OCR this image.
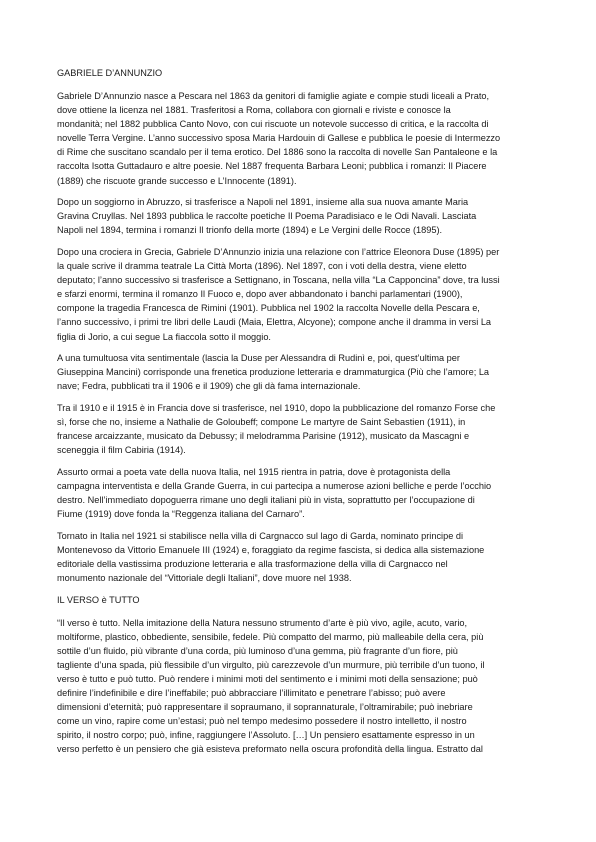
GABRIELE D’ANNUNZIO
Gabriele D’Annunzio nasce a Pescara nel 1863 da genitori di famiglie agiate e compie studi liceali a Prato,
dove ottiene la licenza nel 1881. Trasferitosi a Roma, collabora con giornali e riviste e conosce la
mondanità; nel 1882 pubblica Canto Novo, con cui riscuote un notevole successo di critica, e la raccolta di
novelle Terra Vergine. L’anno successivo sposa Maria Hardouin di Gallese e pubblica le poesie di Intermezzo
di Rime che suscitano scandalo per il tema erotico. Del 1886 sono la raccolta di novelle San Pantaleone e la
raccolta Isotta Guttadauro e altre poesie. Nel 1887 frequenta Barbara Leoni; pubblica i romanzi: Il Piacere
(1889) che riscuote grande successo e L’Innocente (1891).
Dopo un soggiorno in Abruzzo, si trasferisce a Napoli nel 1891, insieme alla sua nuova amante Maria
Gravina Cruyllas. Nel 1893 pubblica le raccolte poetiche Il Poema Paradisiaco e le Odi Navali. Lasciata
Napoli nel 1894, termina i romanzi Il trionfo della morte (1894) e Le Vergini delle Rocce (1895).
Dopo una crociera in Grecia, Gabriele D’Annunzio inizia una relazione con l’attrice Eleonora Duse (1895) per
la quale scrive il dramma teatrale La Città Morta (1896). Nel 1897, con i voti della destra, viene eletto
deputato; l’anno successivo si trasferisce a Settignano, in Toscana, nella villa “La Capponcina” dove, tra lussi
e sfarzi enormi, termina il romanzo Il Fuoco e, dopo aver abbandonato i banchi parlamentari (1900),
compone la tragedia Francesca de Rimini (1901). Pubblica nel 1902 la raccolta Novelle della Pescara e,
l’anno successivo, i primi tre libri delle Laudi (Maia, Elettra, Alcyone); compone anche il dramma in versi La
figlia di Jorio, a cui segue La fiaccola sotto il moggio.
A una tumultuosa vita sentimentale (lascia la Duse per Alessandra di Rudinì e, poi, quest’ultima per
Giuseppina Mancini) corrisponde una frenetica produzione letteraria e drammaturgica (Più che l’amore; La
nave; Fedra, pubblicati tra il 1906 e il 1909) che gli dà fama internazionale.
Tra il 1910 e il 1915 è in Francia dove si trasferisce, nel 1910, dopo la pubblicazione del romanzo Forse che
sì, forse che no, insieme a Nathalie de Goloubeff; compone Le martyre de Saint Sebastien (1911), in
francese arcaizzante, musicato da Debussy; il melodramma Parisine (1912), musicato da Mascagni e
sceneggia il film Cabiria (1914).
Assurto ormai a poeta vate della nuova Italia, nel 1915 rientra in patria, dove è protagonista della
campagna interventista e della Grande Guerra, in cui partecipa a numerose azioni belliche e perde l’occhio
destro. Nell’immediato dopoguerra rimane uno degli italiani più in vista, soprattutto per l’occupazione di
Fiume (1919) dove fonda la “Reggenza italiana del Carnaro”.
Tornato in Italia nel 1921 si stabilisce nella villa di Cargnacco sul lago di Garda, nominato principe di
Montenevoso da Vittorio Emanuele III (1924) e, foraggiato da regime fascista, si dedica alla sistemazione
editoriale della vastissima produzione letteraria e alla trasformazione della villa di Cargnacco nel
monumento nazionale del “Vittoriale degli Italiani”, dove muore nel 1938.
IL VERSO è TUTTO
“Il verso è tutto. Nella imitazione della Natura nessuno strumento d’arte è più vivo, agile, acuto, vario,
moltiforme, plastico, obbediente, sensibile, fedele. Più compatto del marmo, più malleabile della cera, più
sottile d’un fluido, più vibrante d’una corda, più luminoso d’una gemma, più fragrante d’un fiore, più
tagliente d’una spada, più flessibile d’un virgulto, più carezzevole d’un murmure, più terribile d’un tuono, il
verso è tutto e può tutto. Può rendere i minimi moti del sentimento e i minimi moti della sensazione; può
definire l’indefinibile e dire l’ineffabile; può abbracciare l’illimitato e penetrare l’abisso; può avere
dimensioni d’eternità; può rappresentare il sopraumano, il soprannaturale, l’oltramirabile; può inebriare
come un vino, rapire come un’estasi; può nel tempo medesimo possedere il nostro intelletto, il nostro
spirito, il nostro corpo; può, infine, raggiungere l’Assoluto. […] Un pensiero esattamente espresso in un
verso perfetto è un pensiero che già esisteva preformato nella oscura profondità della lingua. Estratto dal
